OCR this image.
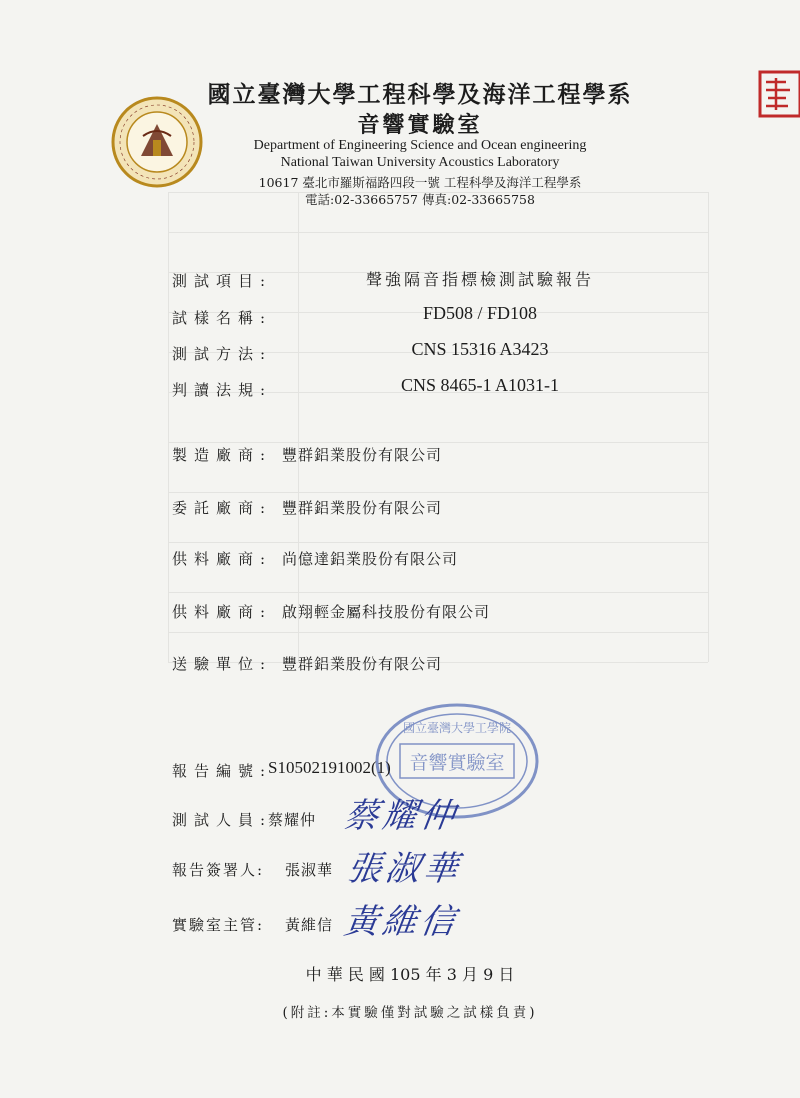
國立臺灣大學工程科學及海洋工程學系
音響實驗室
Department of Engineering Science and Ocean engineering
National Taiwan University Acoustics Laboratory
10617 臺北市羅斯福路四段一號 工程科學及海洋工程學系
電話:02-33665757 傳真:02-33665758
測試項目:	聲強隔音指標檢測試驗報告
試樣名稱:	FD508 / FD108
測試方法:	CNS 15316 A3423
判讀法規:	CNS 8465-1 A1031-1
製造廠商: 豐群鋁業股份有限公司
委託廠商: 豐群鋁業股份有限公司
供料廠商: 尚億達鋁業股份有限公司
供料廠商: 啟翔輕金屬科技股份有限公司
送驗單位: 豐群鋁業股份有限公司
音響實驗室
國立臺灣大學工學院
報告編號:
S10502191002(1)
測試人員:
蔡耀仲 蔡耀仲
報告簽署人: 張淑華 張淑華
實驗室主管: 黃維信 黃維信
中 華 民 國 105 年 3 月 9 日
(附註:本實驗僅對試驗之試樣負責)
